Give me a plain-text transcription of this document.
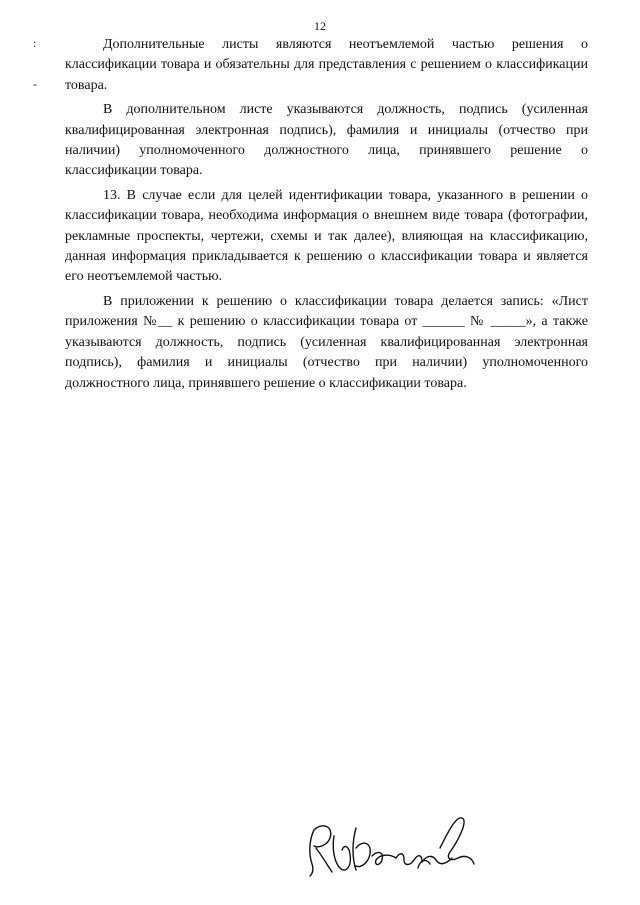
12
:
-

Дополнительные листы являются неотъемлемой частью решения о классификации товара и обязательны для представления с решением о классификации товара.

В дополнительном листе указываются должность, подпись (усиленная квалифицированная электронная подпись), фамилия и инициалы (отчество при наличии) уполномоченного должностного лица, принявшего решение о классификации товара.

13. В случае если для целей идентификации товара, указанного в решении о классификации товара, необходима информация о внешнем виде товара (фотографии, рекламные проспекты, чертежи, схемы и так далее), влияющая на классификацию, данная информация прикладывается к решению о классификации товара и является его неотъемлемой частью.

В приложении к решению о классификации товара делается запись: «Лист приложения №__ к решению о классификации товара от ______ № _____», а также указываются должность, подпись (усиленная квалифицированная электронная подпись), фамилия и инициалы (отчество при наличии) уполномоченного должностного лица, принявшего решение о классификации товара.
